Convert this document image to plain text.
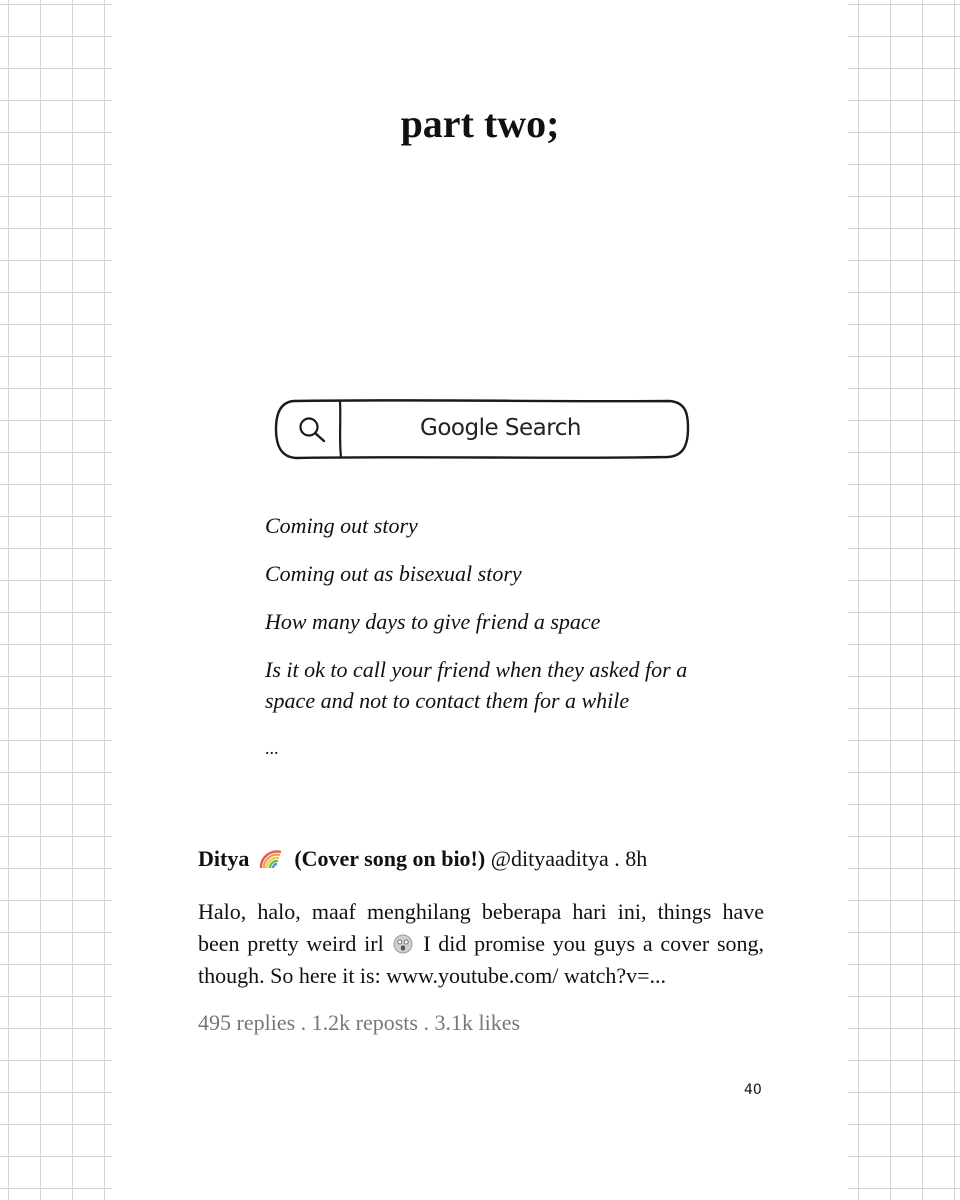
part two;
Google Search
Coming out story
Coming out as bisexual story
How many days to give friend a space
Is it ok to call your friend when they asked for a space and not to contact them for a while
...
Ditya (Cover song on bio!) @dityaaditya . 8h
Halo, halo, maaf menghilang beberapa hari ini, things have been pretty weird irl I did promise you guys a cover song, though. So here it is: www.youtube.com/ watch?v=...
495 replies . 1.2k reposts . 3.1k likes
40
